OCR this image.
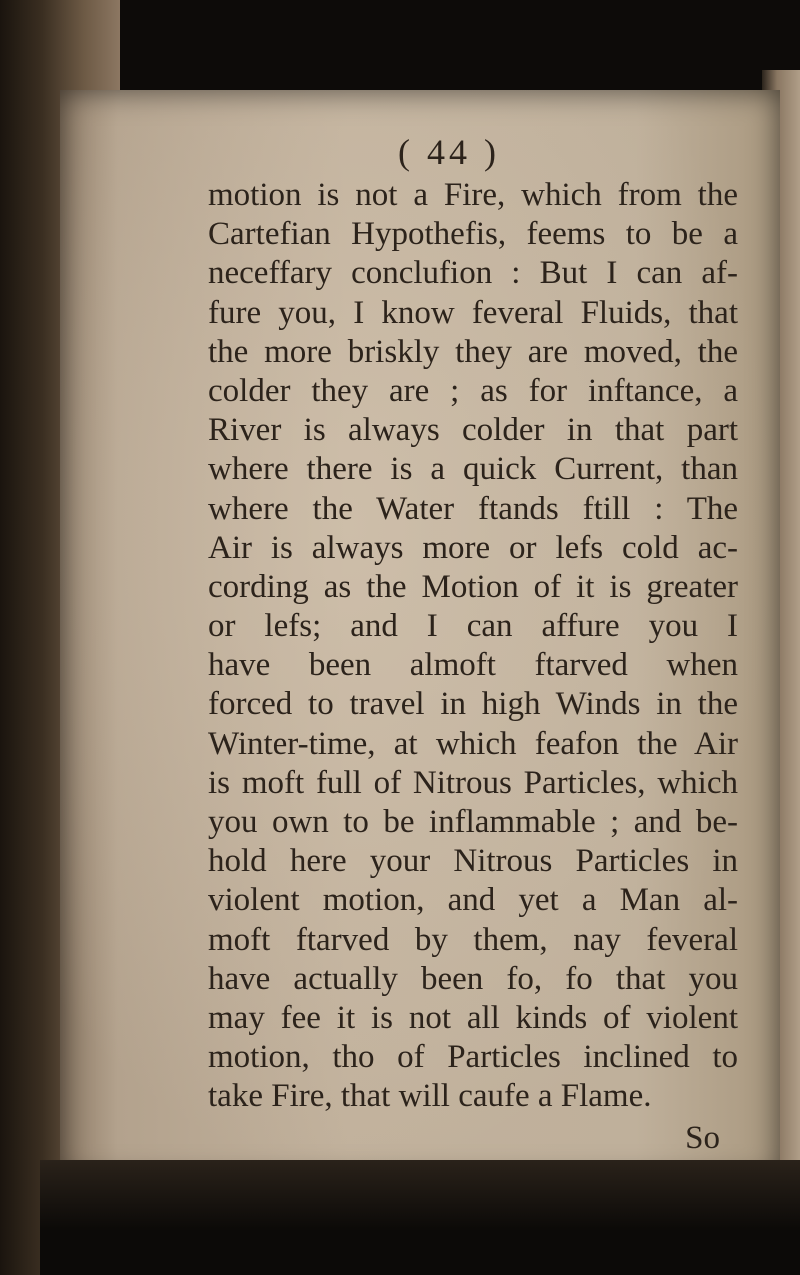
( 44 )
motion is not a Fire, which from the
Cartefian Hypothefis, feems to be a
neceffary conclufion : But I can af-
fure you, I know feveral Fluids, that
the more briskly they are moved, the
colder they are ; as for inftance, a
River is always colder in that part
where there is a quick Current, than
where the Water ftands ftill : The
Air is always more or lefs cold ac-
cording as the Motion of it is greater
or lefs; and I can affure you I
have been almoft ftarved when
forced to travel in high Winds in the
Winter-time, at which feafon the Air
is moft full of Nitrous Particles, which
you own to be inflammable ; and be-
hold here your Nitrous Particles in
violent motion, and yet a Man al-
moft ftarved by them, nay feveral
have actually been fo, fo that you
may fee it is not all kinds of violent
motion, tho of Particles inclined to
take Fire, that will caufe a Flame.
So
